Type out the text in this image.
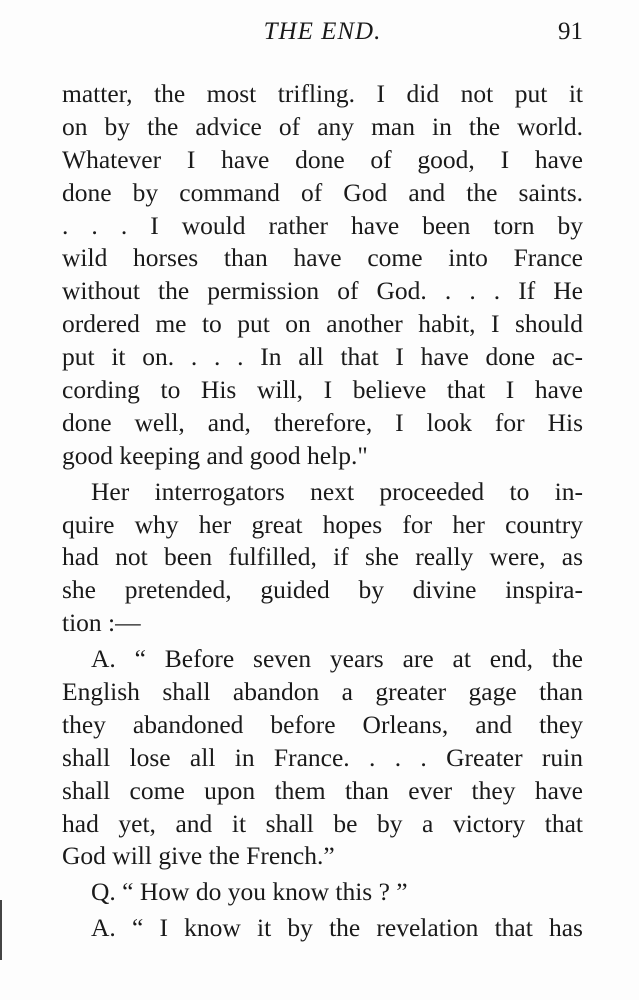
THE END.	91
matter, the most trifling. I did not put it
on by the advice of any man in the world.
Whatever I have done of good, I have
done by command of God and the saints.
. . . I would rather have been torn by
wild horses than have come into France
without the permission of God. . . . If He
ordered me to put on another habit, I should
put it on. . . . In all that I have done ac-
cording to His will, I believe that I have
done well, and, therefore, I look for His
good keeping and good help."
Her interrogators next proceeded to in-
quire why her great hopes for her country
had not been fulfilled, if she really were, as
she pretended, guided by divine inspira-
tion :—
A. “ Before seven years are at end, the
English shall abandon a greater gage than
they abandoned before Orleans, and they
shall lose all in France. . . . Greater ruin
shall come upon them than ever they have
had yet, and it shall be by a victory that
God will give the French.”
Q. “ How do you know this ? ”
A. “ I know it by the revelation that has
